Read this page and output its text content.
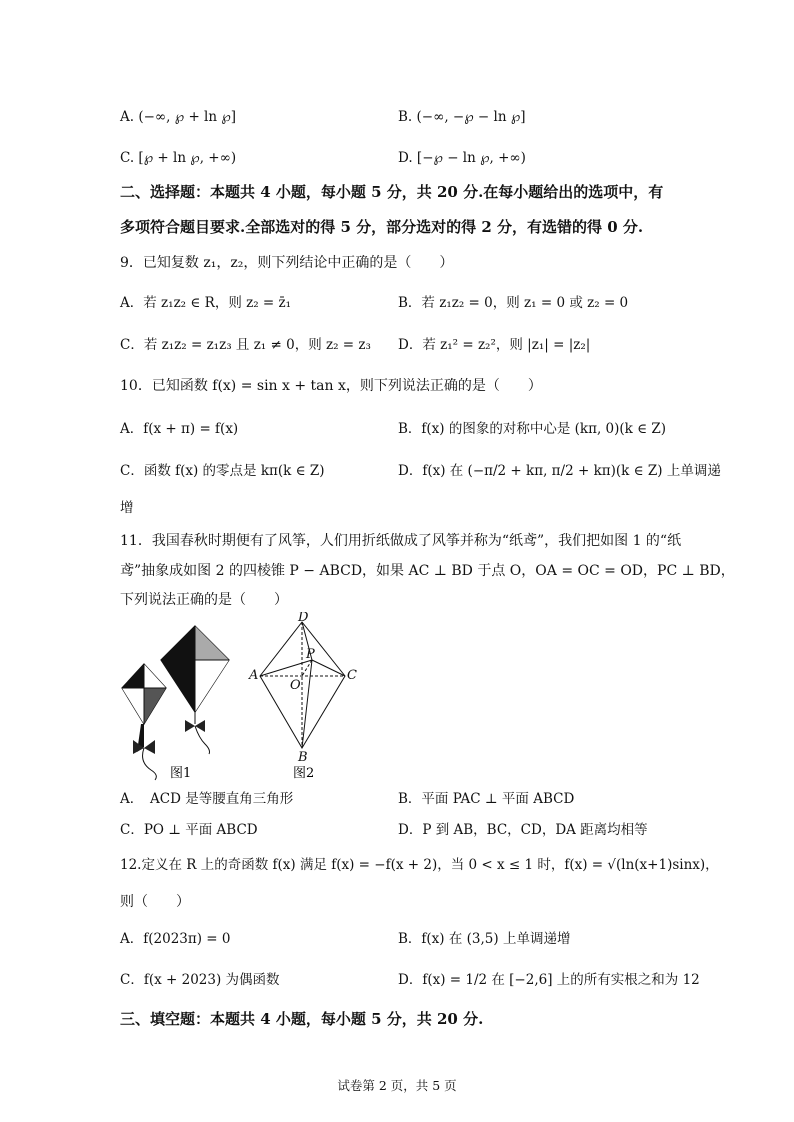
A. (−∞, ℘ + ln ℘]	B. (−∞, −℘ − ln ℘]
C. [℘ + ln ℘, +∞)	D. [−℘ − ln ℘, +∞)
二、选择题：本题共 4 小题，每小题 5 分，共 20 分.在每小题给出的选项中，有
多项符合题目要求.全部选对的得 5 分，部分选对的得 2 分，有选错的得 0 分.
9．已知复数 z₁，z₂，则下列结论中正确的是（　　）
A．若 z₁z₂ ∈ R，则 z₂ = z̄₁	B．若 z₁z₂ = 0，则 z₁ = 0 或 z₂ = 0
C．若 z₁z₂ = z₁z₃ 且 z₁ ≠ 0，则 z₂ = z₃ D．若 z₁² = z₂²，则 |z₁| = |z₂|
10．已知函数 f(x) = sin x + tan x，则下列说法正确的是（　　）
A．f(x + π) = f(x)	B．f(x) 的图象的对称中心是 (kπ, 0)(k ∈ Z)
C．函数 f(x) 的零点是 kπ(k ∈ Z)	D．f(x) 在 (−π/2 + kπ, π/2 + kπ)(k ∈ Z) 上单调递
增
11．我国春秋时期便有了风筝，人们用折纸做成了风筝并称为“纸鸢”，我们把如图 1 的“纸
鸢”抽象成如图 2 的四棱锥 P − ABCD，如果 AC ⊥ BD 于点 O，OA = OC = OD，PC ⊥ BD，
下列说法正确的是（　　）
图1
D
P
A
O
C
B
图2
A．　ACD 是等腰直角三角形	B．平面 PAC ⊥ 平面 ABCD
C．PO ⊥ 平面 ABCD	D．P 到 AB，BC，CD，DA 距离均相等
12.定义在 R 上的奇函数 f(x) 满足 f(x) = −f(x + 2)，当 0 < x ≤ 1 时，f(x) = √(ln(x+1)sinx)，
则（　　）
A．f(2023π) = 0	B．f(x) 在 (3,5) 上单调递增
C．f(x + 2023) 为偶函数	D．f(x) = 1/2 在 [−2,6] 上的所有实根之和为 12
三、填空题：本题共 4 小题，每小题 5 分，共 20 分.
试卷第 2 页，共 5 页
